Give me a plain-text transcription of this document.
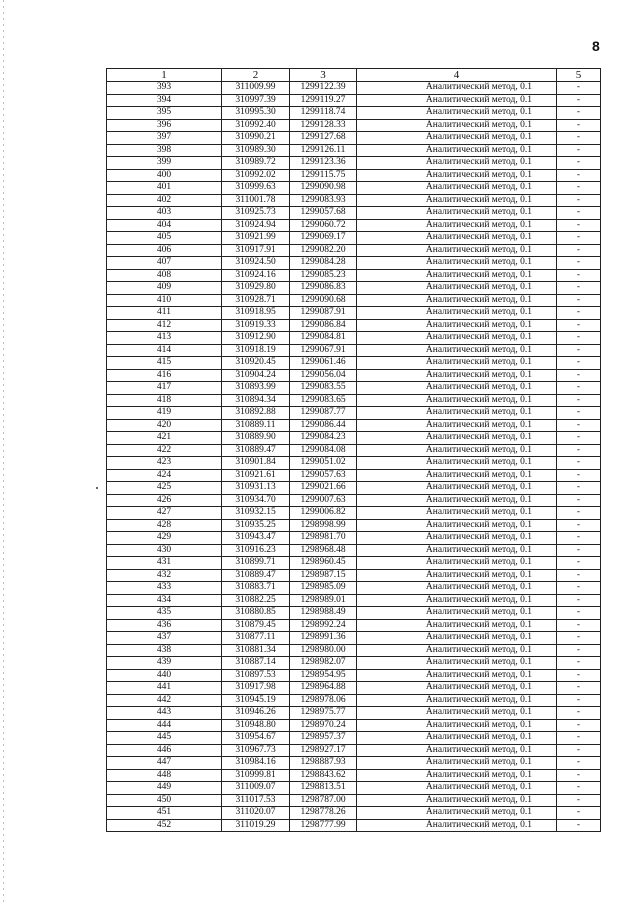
8
1	2	3	4	5
393	311009.99	1299122.39	Аналитический метод, 0.1	-
394	310997.39	1299119.27	Аналитический метод, 0.1	-
395	310995.30	1299118.74	Аналитический метод, 0.1	-
396	310992.40	1299128.33	Аналитический метод, 0.1	-
397	310990.21	1299127.68	Аналитический метод, 0.1	-
398	310989.30	1299126.11	Аналитический метод, 0.1	-
399	310989.72	1299123.36	Аналитический метод, 0.1	-
400	310992.02	1299115.75	Аналитический метод, 0.1	-
401	310999.63	1299090.98	Аналитический метод, 0.1	-
402	311001.78	1299083.93	Аналитический метод, 0.1	-
403	310925.73	1299057.68	Аналитический метод, 0.1	-
404	310924.94	1299060.72	Аналитический метод, 0.1	-
405	310921.99	1299069.17	Аналитический метод, 0.1	-
406	310917.91	1299082.20	Аналитический метод, 0.1	-
407	310924.50	1299084.28	Аналитический метод, 0.1	-
408	310924.16	1299085.23	Аналитический метод, 0.1	-
409	310929.80	1299086.83	Аналитический метод, 0.1	-
410	310928.71	1299090.68	Аналитический метод, 0.1	-
411	310918.95	1299087.91	Аналитический метод, 0.1	-
412	310919.33	1299086.84	Аналитический метод, 0.1	-
413	310912.90	1299084.81	Аналитический метод, 0.1	-
414	310918.19	1299067.91	Аналитический метод, 0.1	-
415	310920.45	1299061.46	Аналитический метод, 0.1	-
416	310904.24	1299056.04	Аналитический метод, 0.1	-
417	310893.99	1299083.55	Аналитический метод, 0.1	-
418	310894.34	1299083.65	Аналитический метод, 0.1	-
419	310892.88	1299087.77	Аналитический метод, 0.1	-
420	310889.11	1299086.44	Аналитический метод, 0.1	-
421	310889.90	1299084.23	Аналитический метод, 0.1	-
422	310889.47	1299084.08	Аналитический метод, 0.1	-
423	310901.84	1299051.02	Аналитический метод, 0.1	-
424	310921.61	1299057.63	Аналитический метод, 0.1	-
425	310931.13	1299021.66	Аналитический метод, 0.1	-
426	310934.70	1299007.63	Аналитический метод, 0.1	-
427	310932.15	1299006.82	Аналитический метод, 0.1	-
428	310935.25	1298998.99	Аналитический метод, 0.1	-
429	310943.47	1298981.70	Аналитический метод, 0.1	-
430	310916.23	1298968.48	Аналитический метод, 0.1	-
431	310899.71	1298960.45	Аналитический метод, 0.1	-
432	310889.47	1298987.15	Аналитический метод, 0.1	-
433	310883.71	1298985.09	Аналитический метод, 0.1	-
434	310882.25	1298989.01	Аналитический метод, 0.1	-
435	310880.85	1298988.49	Аналитический метод, 0.1	-
436	310879.45	1298992.24	Аналитический метод, 0.1	-
437	310877.11	1298991.36	Аналитический метод, 0.1	-
438	310881.34	1298980.00	Аналитический метод, 0.1	-
439	310887.14	1298982.07	Аналитический метод, 0.1	-
440	310897.53	1298954.95	Аналитический метод, 0.1	-
441	310917.98	1298964.88	Аналитический метод, 0.1	-
442	310945.19	1298978.06	Аналитический метод, 0.1	-
443	310946.26	1298975.77	Аналитический метод, 0.1	-
444	310948.80	1298970.24	Аналитический метод, 0.1	-
445	310954.67	1298957.37	Аналитический метод, 0.1	-
446	310967.73	1298927.17	Аналитический метод, 0.1	-
447	310984.16	1298887.93	Аналитический метод, 0.1	-
448	310999.81	1298843.62	Аналитический метод, 0.1	-
449	311009.07	1298813.51	Аналитический метод, 0.1	-
450	311017.53	1298787.00	Аналитический метод, 0.1	-
451	311020.07	1298778.26	Аналитический метод, 0.1	-
452	311019.29	1298777.99	Аналитический метод, 0.1	-
